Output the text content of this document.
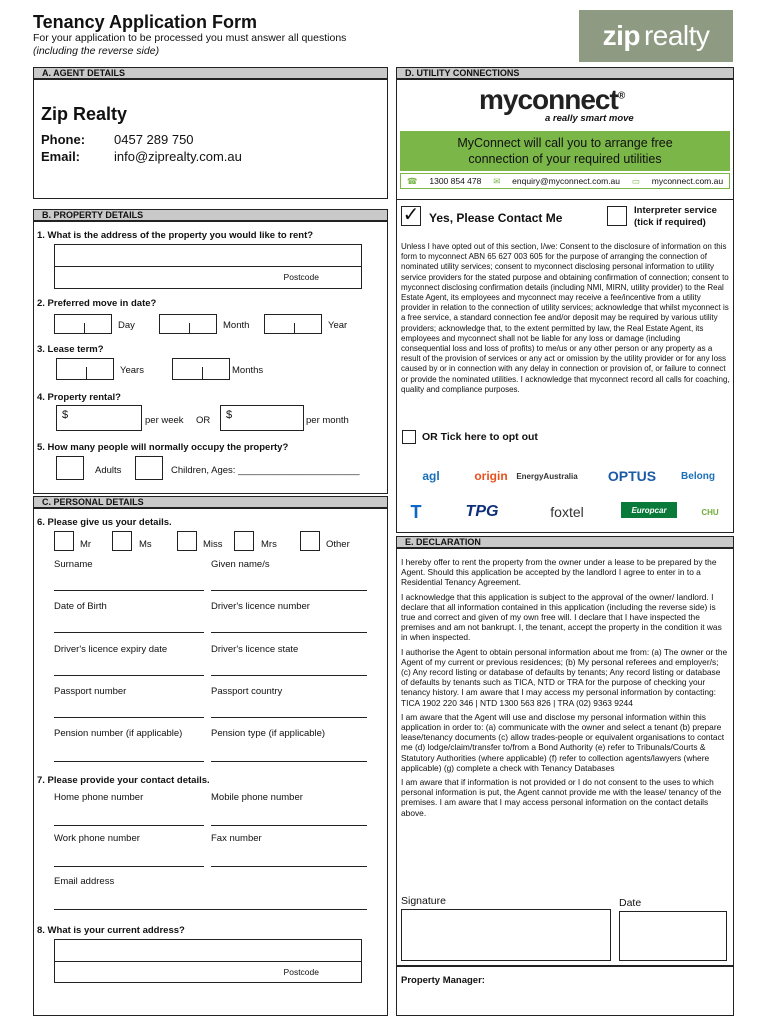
Tenancy Application Form
For your application to be processed you must answer all questions
(including the reverse side)	zip realty
A. AGENT DETAILS
Zip Realty
Phone: 0457 289 750
Email:	info@ziprealty.com.au
B. PROPERTY DETAILS
1. What is the address of the property you would like to rent?
Postcode
2. Preferred move in date?
Day	Month	Year
3. Lease term?
Years	Months
4. Property rental?
$	per week OR	$	per month
5. How many people will normally occupy the property?
Adults	Children, Ages: _______________________
C. PERSONAL DETAILS
6. Please give us your details.
Mr	Ms	Miss	Mrs	Other
Surname	Given name/s
Date of Birth	Driver's licence number
Driver's licence expiry date	Driver's licence state
Passport number	Passport country
Pension number (if applicable)	Pension type (if applicable)
7. Please provide your contact details.
Home phone number	Mobile phone number
Work phone number	Fax number
Email address
8. What is your current address?
Postcode
D. UTILITY CONNECTIONS
myconnect®
a really smart move
MyConnect will call you to arrange free connection of your required utilities
☎ 1300 854 478 ✉ enquiry@myconnect.com.au ▭ myconnect.com.au
✓ Yes, Please Contact Me
Interpreter service (tick if required)
Unless I have opted out of this section, I/we: Consent to the disclosure of information on this form to myconnect ABN 65 627 003 605 for the purpose of arranging the connection of nominated utility services; consent to myconnect disclosing personal information to utility service providers for the stated purpose and obtaining confirmation of connection; consent to myconnect disclosing confirmation details (including NMI, MIRN, utility provider) to the Real Estate Agent, its employees and myconnect may receive a fee/incentive from a utility provider in relation to the connection of utility services; acknowledge that whilst myconnect is a free service, a standard connection fee and/or deposit may be required by various utility providers; acknowledge that, to the extent permitted by law, the Real Estate Agent, its employees and myconnect shall not be liable for any loss or damage (including consequential loss and loss of profits) to me/us or any other person or any property as a result of the provision of services or any act or omission by the utility provider or for any loss caused by or in connection with any delay in connection or provision of, or failure to connect or provide the nominated utilities. I acknowledge that myconnect record all calls for coaching, quality and compliance purposes.
OR Tick here to opt out
agl	origin	EnergyAustralia	OPTUS	Belong
T	TPG	foxtel	Europcar	CHU
E. DECLARATION

I hereby offer to rent the property from the owner under a lease to be prepared by the Agent. Should this application be accepted by the landlord I agree to enter in to a Residential Tenancy Agreement.

I acknowledge that this application is subject to the approval of the owner/ landlord. I declare that all information contained in this application (including the reverse side) is true and correct and given of my own free will. I declare that I have inspected the premises and am not bankrupt. I, the tenant, accept the property in the condition it was in when inspected.

I authorise the Agent to obtain personal information about me from: (a) The owner or the Agent of my current or previous residences; (b) My personal referees and employer/s; (c) Any record listing or database of defaults by tenants; Any record listing or database of defaults by tenants such as TICA, NTD or TRA for the purpose of checking your tenancy history. I am aware that I may access my personal information by contacting: TICA 1902 220 346 | NTD 1300 563 826 | TRA (02) 9363 9244

I am aware that the Agent will use and disclose my personal information within this application in order to: (a) communicate with the owner and select a tenant (b) prepare lease/tenancy documents (c) allow trades-people or equivalent organisations to contact me (d) lodge/claim/transfer to/from a Bond Authority (e) refer to Tribunals/Courts & Statutory Authorities (where applicable) (f) refer to collection agents/lawyers (where applicable) (g) complete a check with Tenancy Databases

I am aware that if information is not provided or I do not consent to the uses to which personal information is put, the Agent cannot provide me with the lease/ tenancy of the premises. I am aware that I may access personal information on the contact details above.

Signature	Date
Property Manager:
